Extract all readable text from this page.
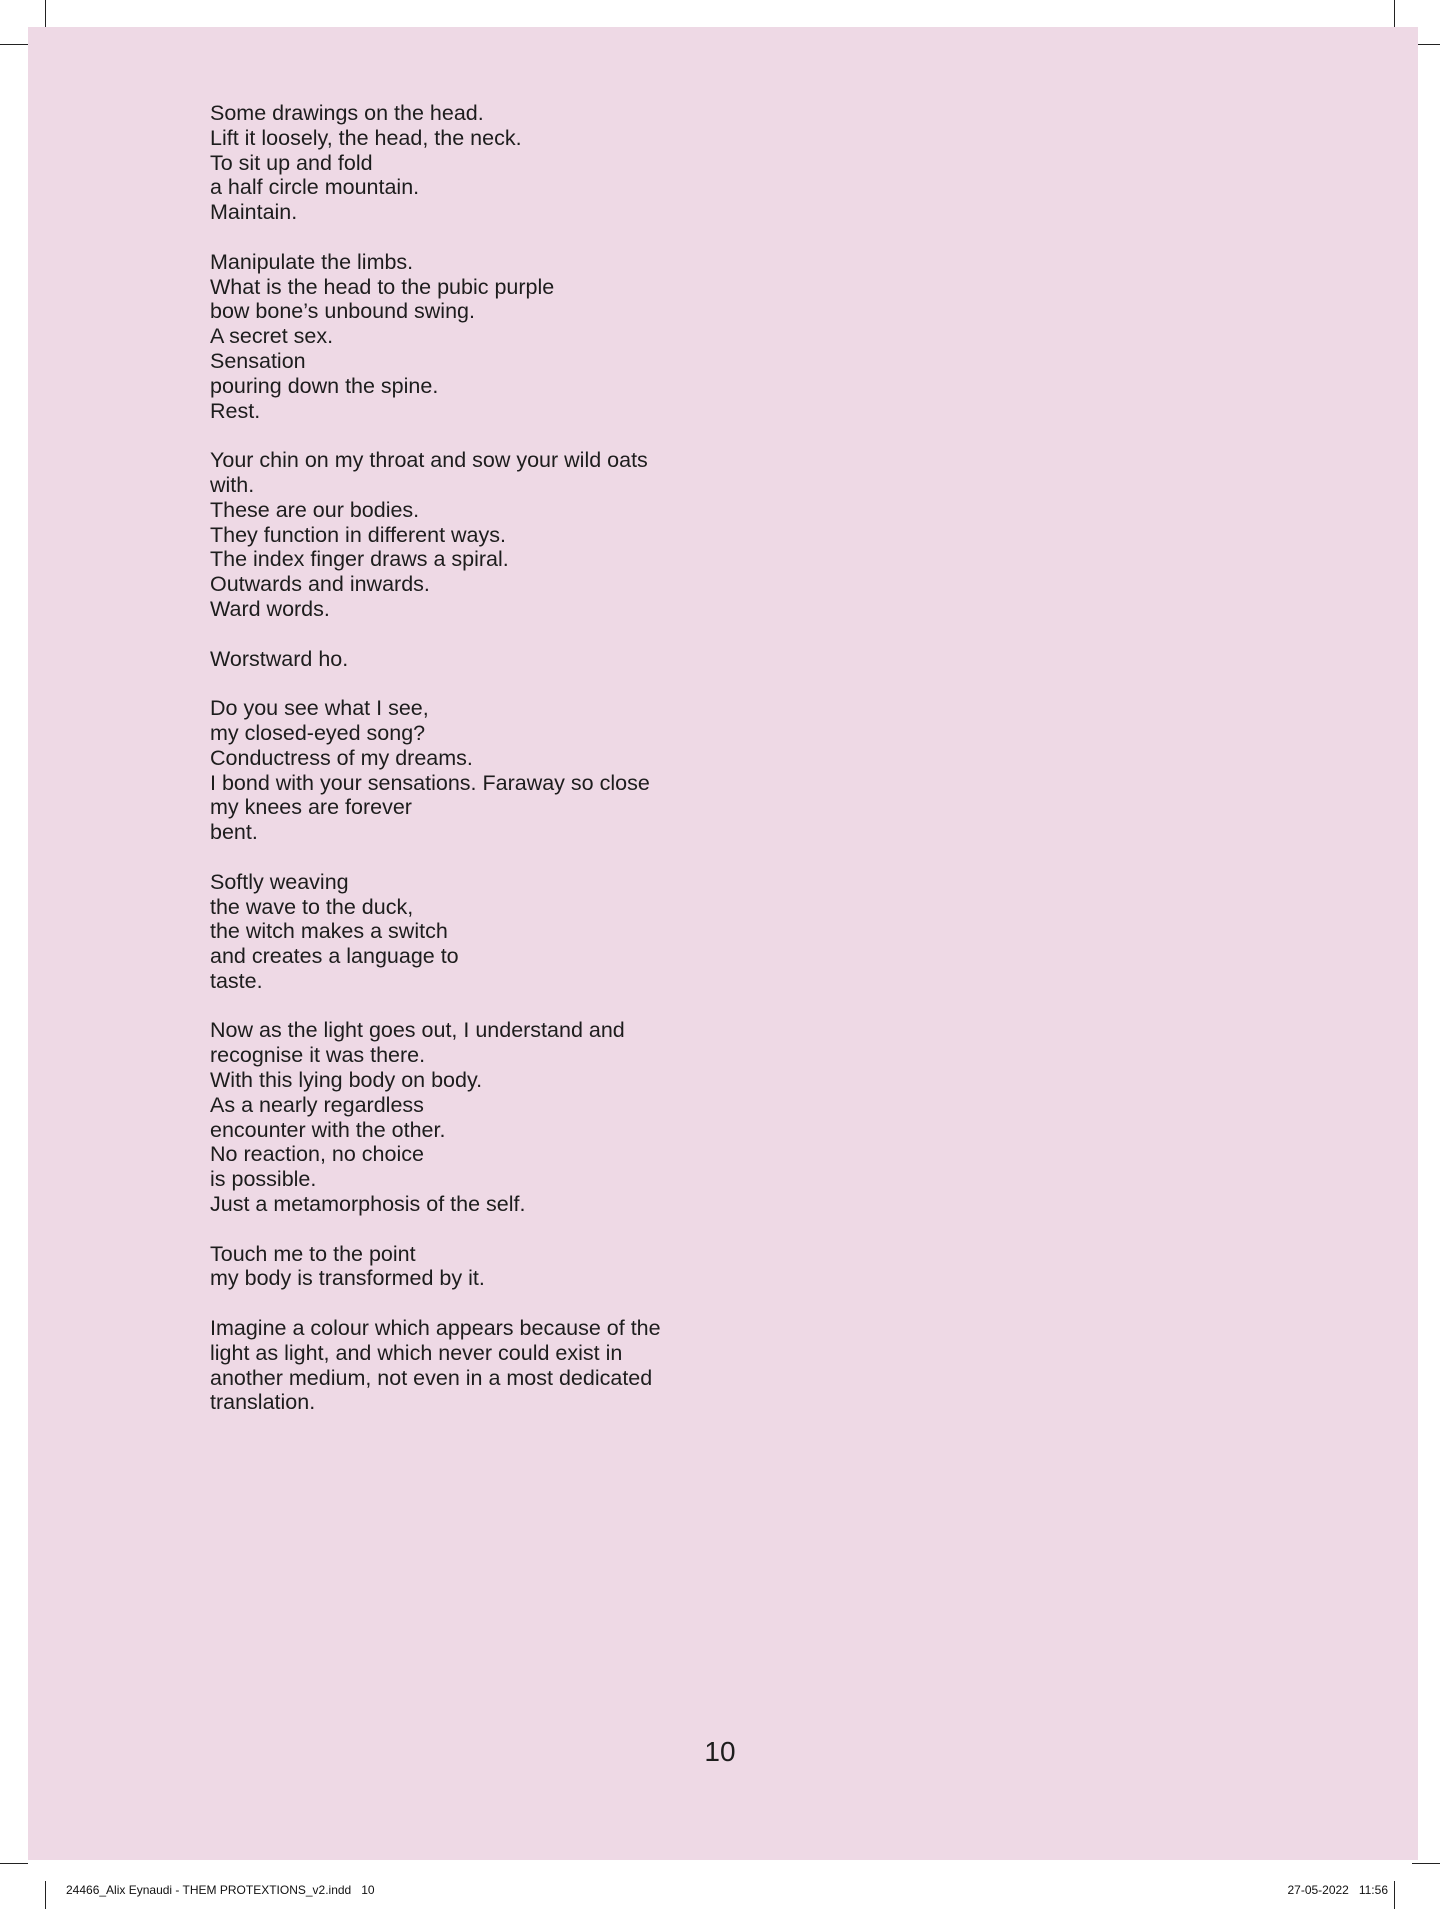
Some drawings on the head.
Lift it loosely, the head, the neck.
To sit up and fold
a half circle mountain.
Maintain.
Manipulate the limbs.
What is the head to the pubic purple
bow bone’s unbound swing.
A secret sex.
Sensation
pouring down the spine.
Rest.
Your chin on my throat and sow your wild oats
with.
These are our bodies.
They function in different ways.
The index finger draws a spiral.
Outwards and inwards.
Ward words.
Worstward ho.
Do you see what I see,
my closed-eyed song?
Conductress of my dreams.
I bond with your sensations. Faraway so close
my knees are forever
bent.
Softly weaving
the wave to the duck,
the witch makes a switch
and creates a language to
taste.
Now as the light goes out, I understand and
recognise it was there.
With this lying body on body.
As a nearly regardless
encounter with the other.
No reaction, no choice
is possible.
Just a metamorphosis of the self.
Touch me to the point
my body is transformed by it.
Imagine a colour which appears because of the
light as light, and which never could exist in
another medium, not even in a most dedicated
translation.
10
24466_Alix Eynaudi - THEM PROTEXTIONS_v2.indd   10	27-05-2022   11:56
